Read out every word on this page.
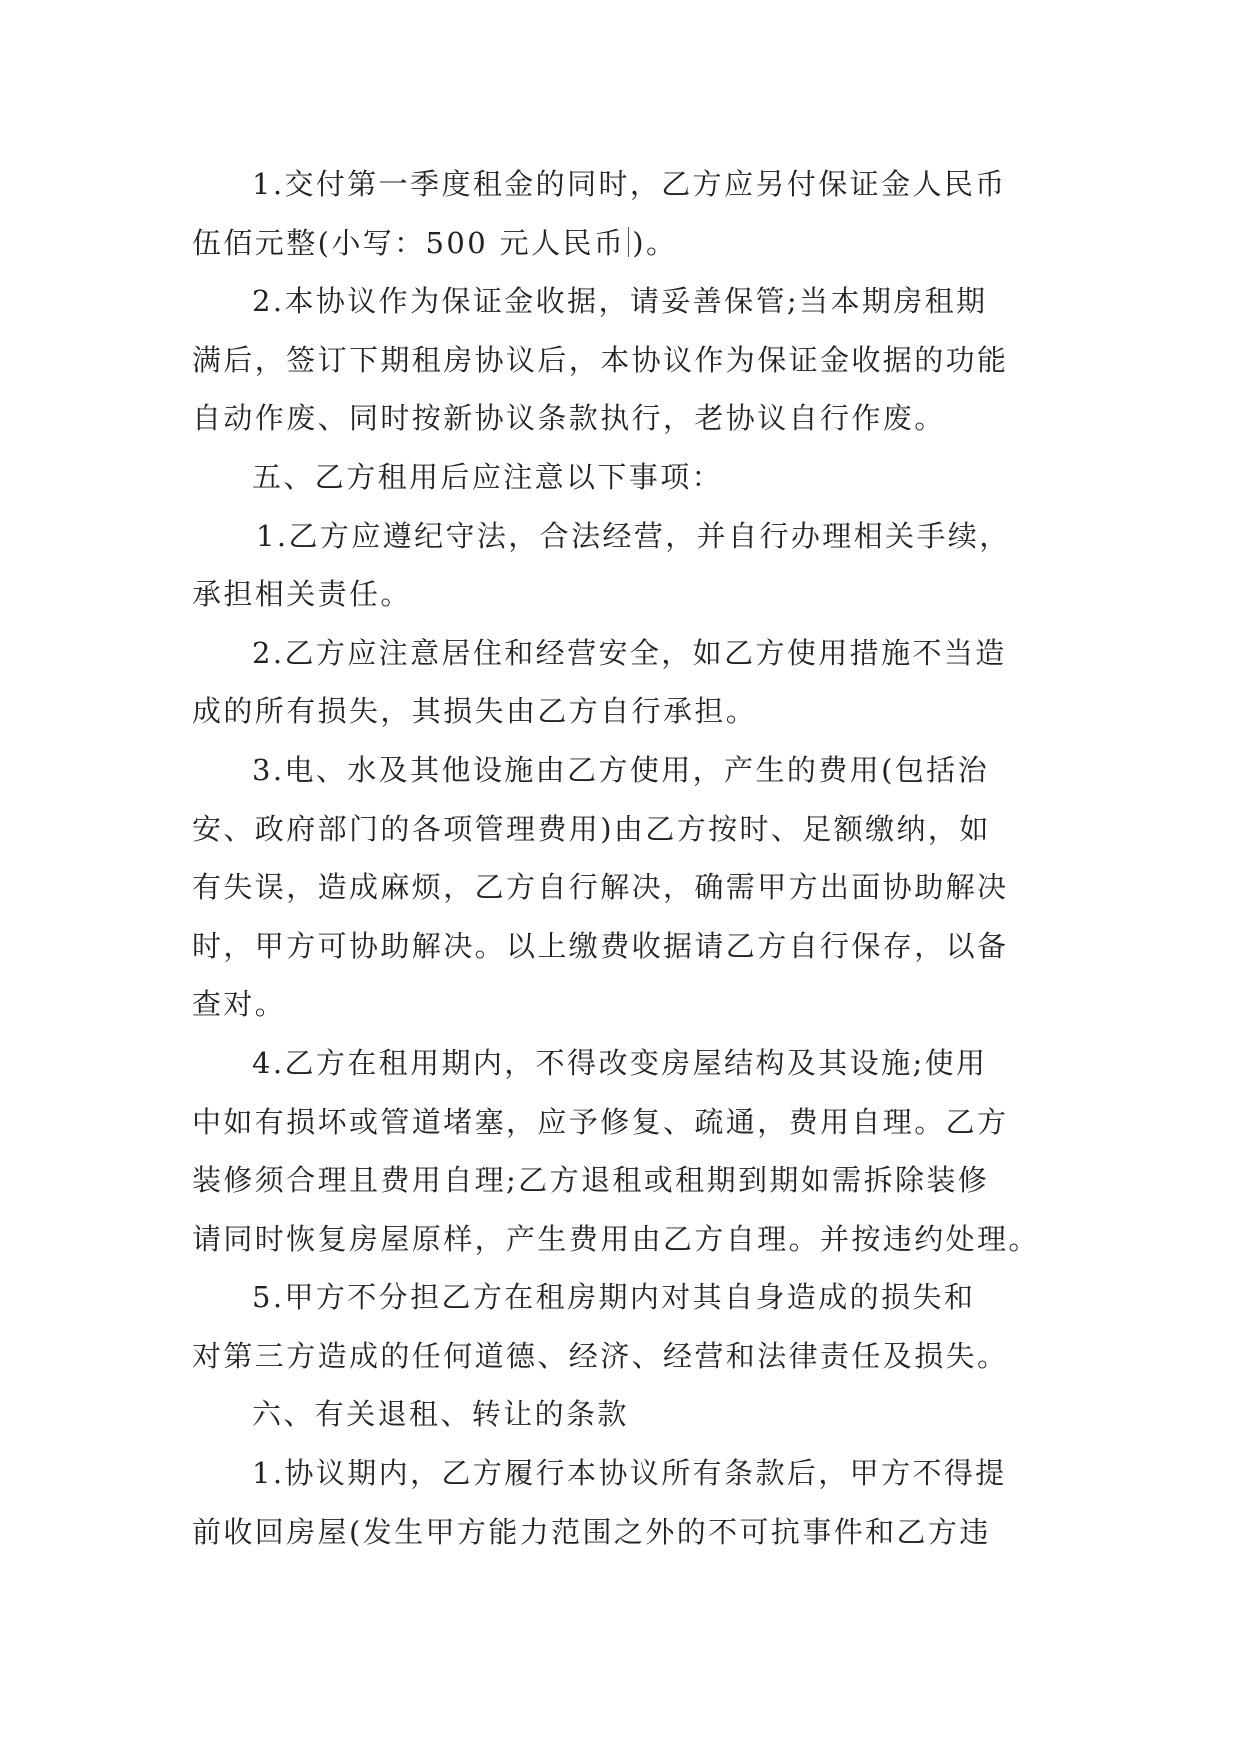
1.交付第一季度租金的同时，乙方应另付保证金人民币
伍佰元整(小写：500 元人民币 )。
2.本协议作为保证金收据，请妥善保管;当本期房租期
满后，签订下期租房协议后，本协议作为保证金收据的功能
自动作废、同时按新协议条款执行，老协议自行作废。
五、乙方租用后应注意以下事项：
1.乙方应遵纪守法，合法经营，并自行办理相关手续，
承担相关责任。
2.乙方应注意居住和经营安全，如乙方使用措施不当造
成的所有损失，其损失由乙方自行承担。
3.电、水及其他设施由乙方使用，产生的费用(包括治
安、政府部门的各项管理费用)由乙方按时、足额缴纳，如
有失误，造成麻烦，乙方自行解决，确需甲方出面协助解决
时，甲方可协助解决。以上缴费收据请乙方自行保存，以备
查对。
4.乙方在租用期内，不得改变房屋结构及其设施;使用
中如有损坏或管道堵塞，应予修复、疏通，费用自理。乙方
装修须合理且费用自理;乙方退租或租期到期如需拆除装修
请同时恢复房屋原样，产生费用由乙方自理。并按违约处理。
5.甲方不分担乙方在租房期内对其自身造成的损失和
对第三方造成的任何道德、经济、经营和法律责任及损失。
六、有关退租、转让的条款
1.协议期内，乙方履行本协议所有条款后，甲方不得提
前收回房屋(发生甲方能力范围之外的不可抗事件和乙方违
